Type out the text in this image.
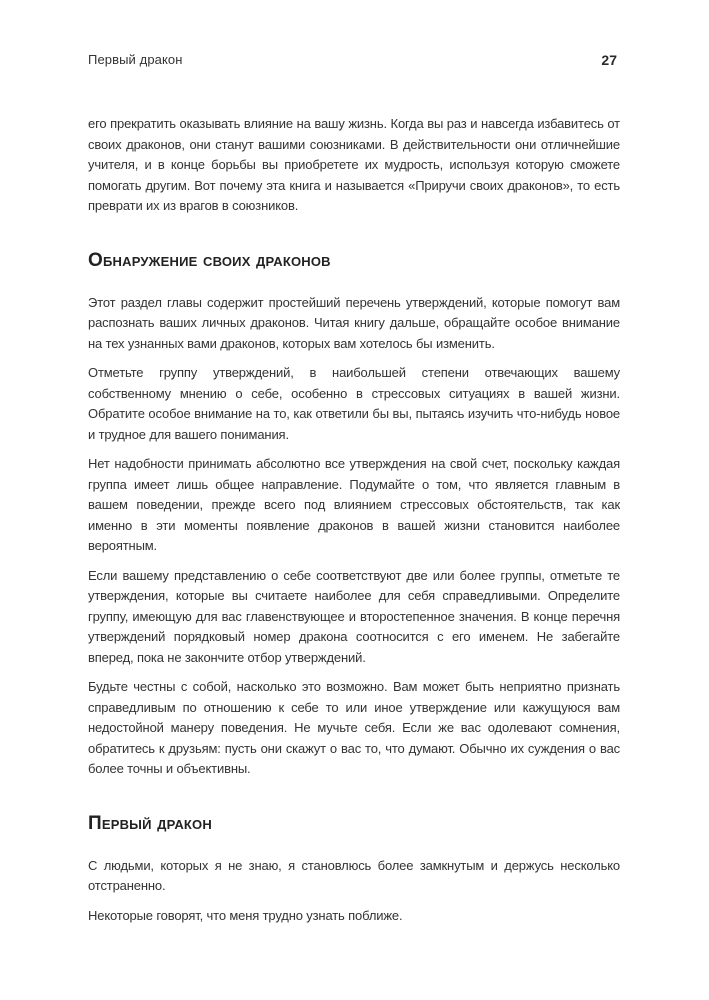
Первый дракон	27

его прекратить оказывать влияние на вашу жизнь. Когда вы раз и навсегда избавитесь от своих драконов, они станут вашими союзниками. В действительности они отличнейшие учителя, и в конце борьбы вы приобретете их мудрость, используя которую сможете помогать другим. Вот почему эта книга и называется «Приручи своих драконов», то есть преврати их из врагов в союзников.

Обнаружение своих драконов

Этот раздел главы содержит простейший перечень утверждений, которые помогут вам распознать ваших личных драконов. Читая книгу дальше, обращайте особое внимание на тех узнанных вами драконов, которых вам хотелось бы изменить.

Отметьте группу утверждений, в наибольшей степени отвечающих вашему собственному мнению о себе, особенно в стрессовых ситуациях в вашей жизни. Обратите особое внимание на то, как ответили бы вы, пытаясь изучить что-нибудь новое и трудное для вашего понимания.

Нет надобности принимать абсолютно все утверждения на свой счет, поскольку каждая группа имеет лишь общее направление. Подумайте о том, что является главным в вашем поведении, прежде всего под влиянием стрессовых обстоятельств, так как именно в эти моменты появление драконов в вашей жизни становится наиболее вероятным.

Если вашему представлению о себе соответствуют две или более группы, отметьте те утверждения, которые вы считаете наиболее для себя справедливыми. Определите группу, имеющую для вас главенствующее и второстепенное значения. В конце перечня утверждений порядковый номер дракона соотносится с его именем. Не забегайте вперед, пока не закончите отбор утверждений.

Будьте честны с собой, насколько это возможно. Вам может быть неприятно признать справедливым по отношению к себе то или иное утверждение или кажущуюся вам недостойной манеру поведения. Не мучьте себя. Если же вас одолевают сомнения, обратитесь к друзьям: пусть они скажут о вас то, что думают. Обычно их суждения о вас более точны и объективны.

Первый дракон

С людьми, которых я не знаю, я становлюсь более замкнутым и держусь несколько отстраненно.

Некоторые говорят, что меня трудно узнать поближе.
